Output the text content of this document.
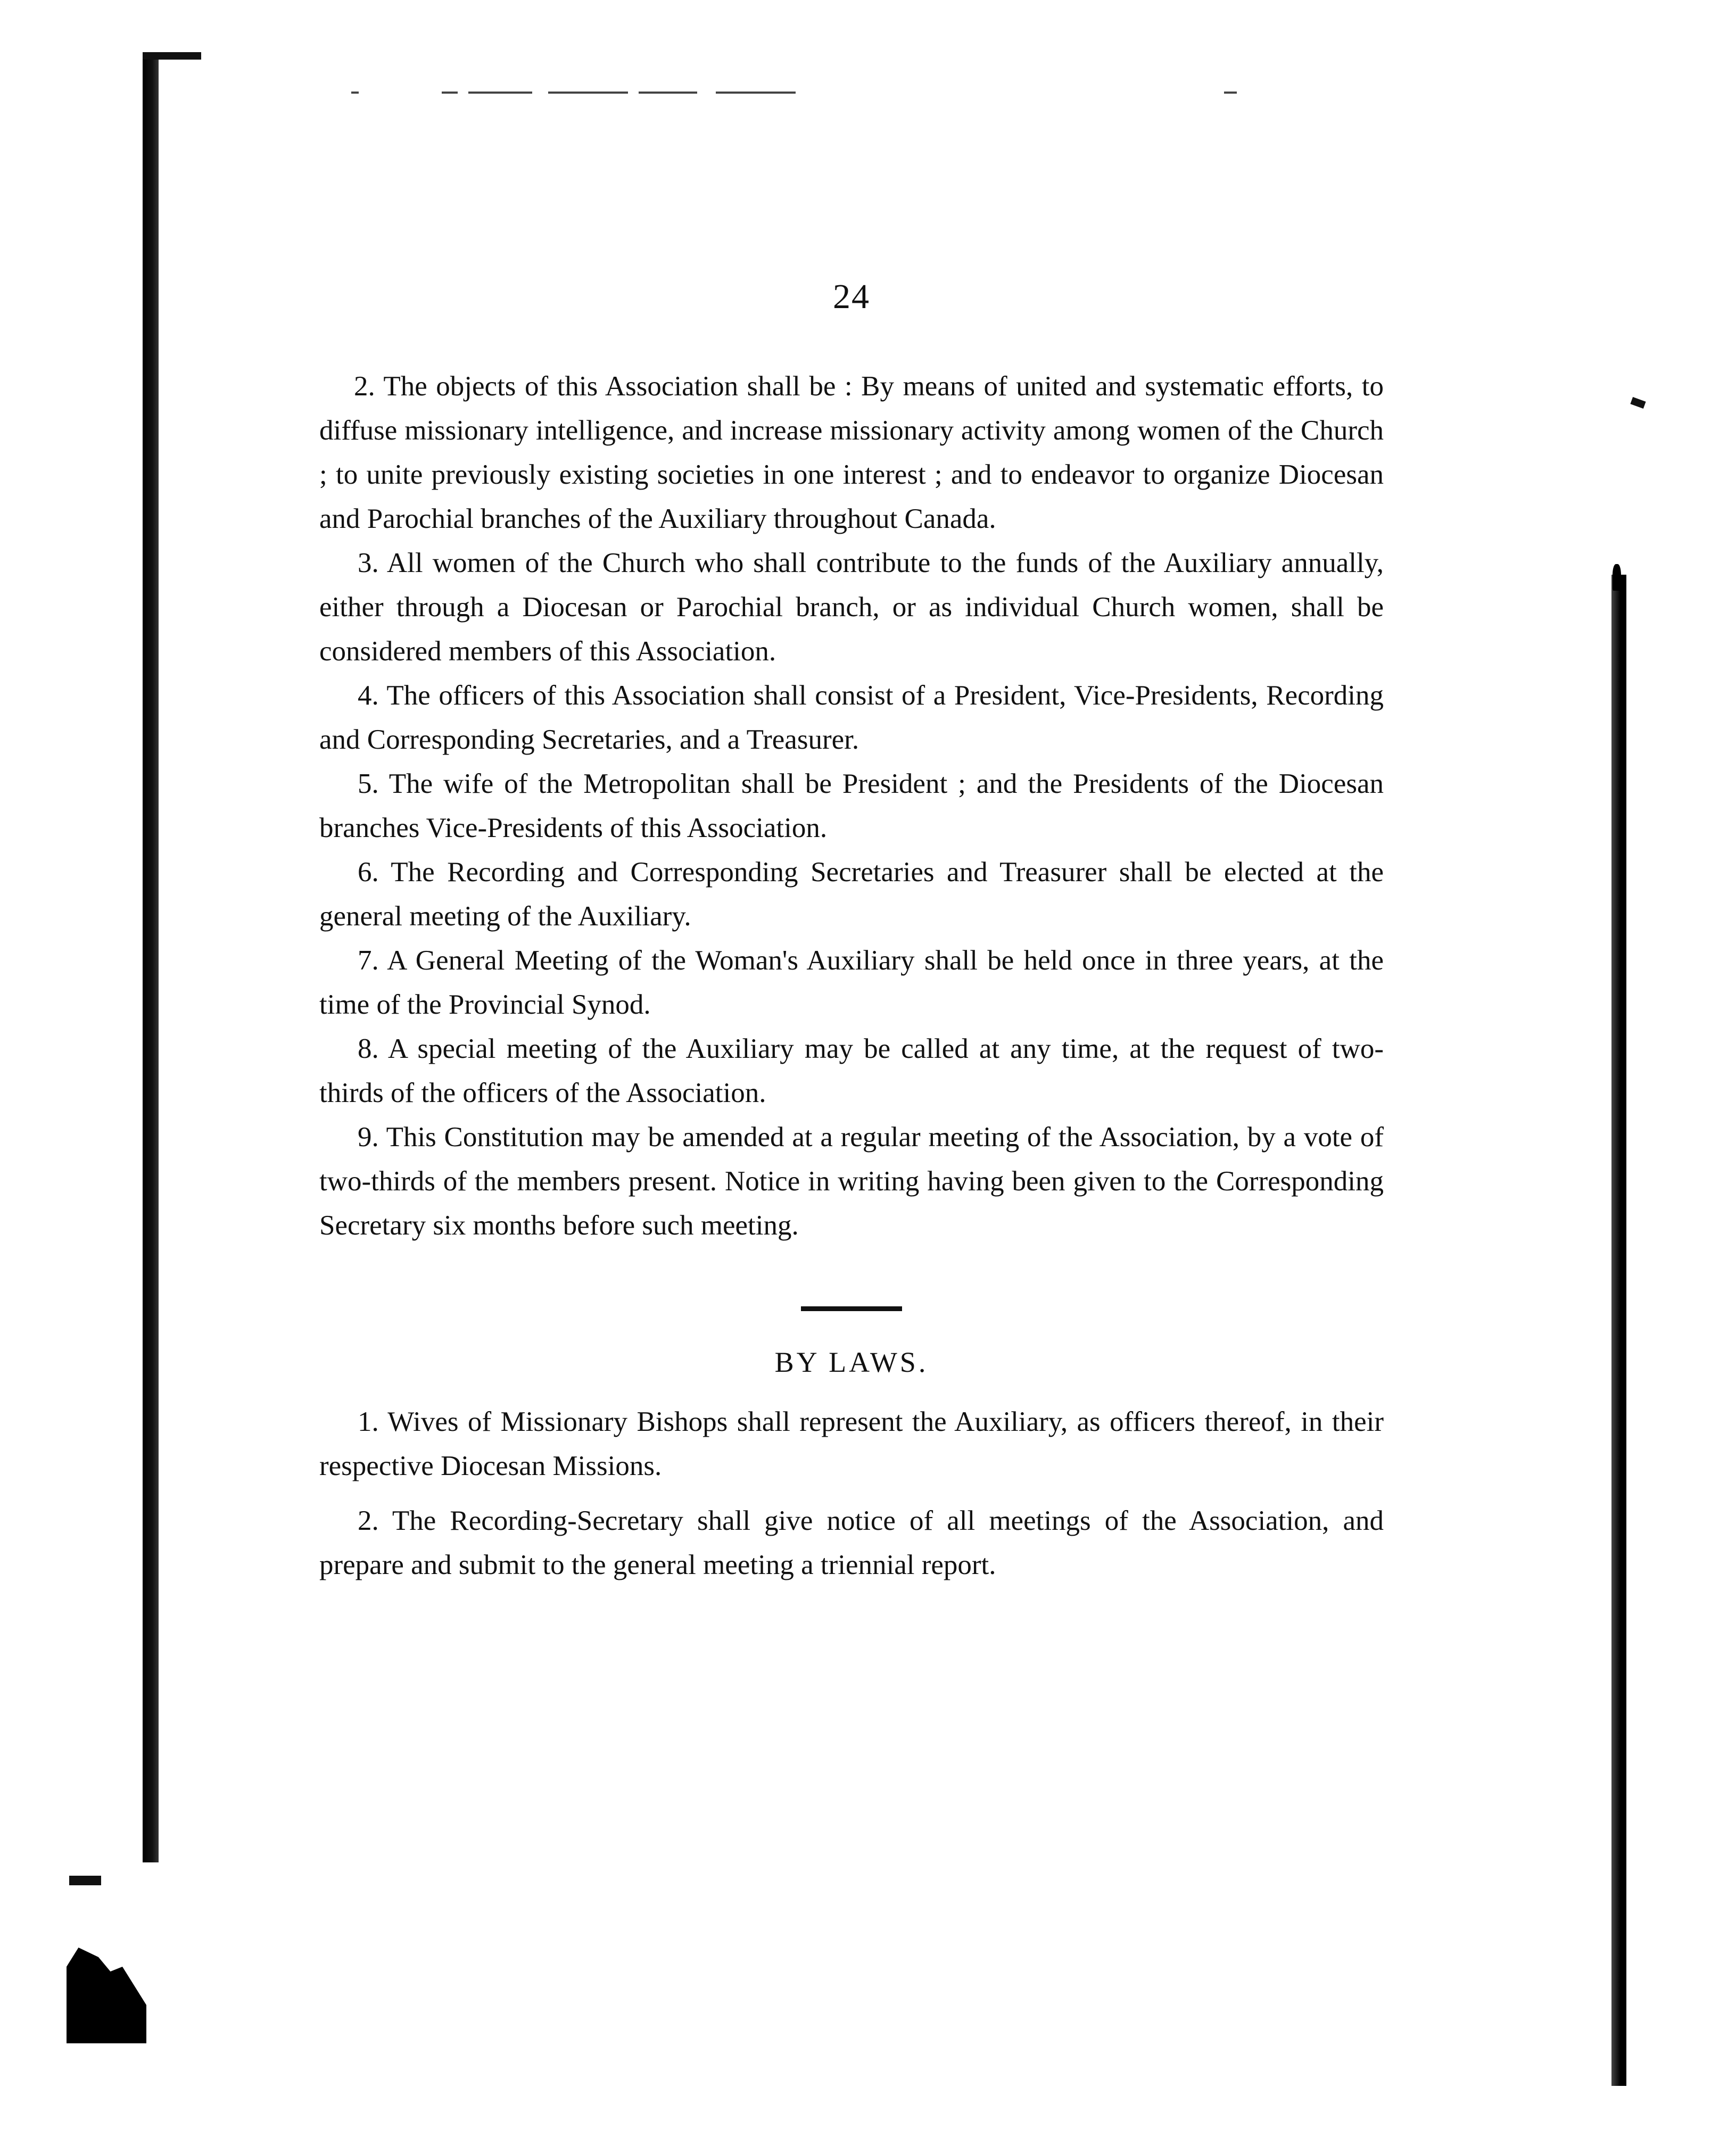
24

2. The objects of this Association shall be : By means of united and systematic efforts, to diffuse missionary intelligence, and increase missionary activity among women of the Church ; to unite previously existing societies in one interest ; and to endeavor to organize Diocesan and Parochial branches of the Auxiliary throughout Canada.

3. All women of the Church who shall contribute to the funds of the Auxiliary annually, either through a Diocesan or Parochial branch, or as individual Church women, shall be considered members of this Association.

4. The officers of this Association shall consist of a President, Vice-Presidents, Recording and Corresponding Secretaries, and a Treasurer.

5. The wife of the Metropolitan shall be President ; and the Presidents of the Diocesan branches Vice-Presidents of this Association.

6. The Recording and Corresponding Secretaries and Treasurer shall be elected at the general meeting of the Auxiliary.

7. A General Meeting of the Woman's Auxiliary shall be held once in three years, at the time of the Provincial Synod.

8. A special meeting of the Auxiliary may be called at any time, at the request of two-thirds of the officers of the Association.

9. This Constitution may be amended at a regular meeting of the Association, by a vote of two-thirds of the members present. Notice in writing having been given to the Corresponding Secretary six months before such meeting.

BY LAWS.

1. Wives of Missionary Bishops shall represent the Auxiliary, as officers thereof, in their respective Diocesan Missions.

2. The Recording-Secretary shall give notice of all meetings of the Association, and prepare and submit to the general meeting a triennial report.
